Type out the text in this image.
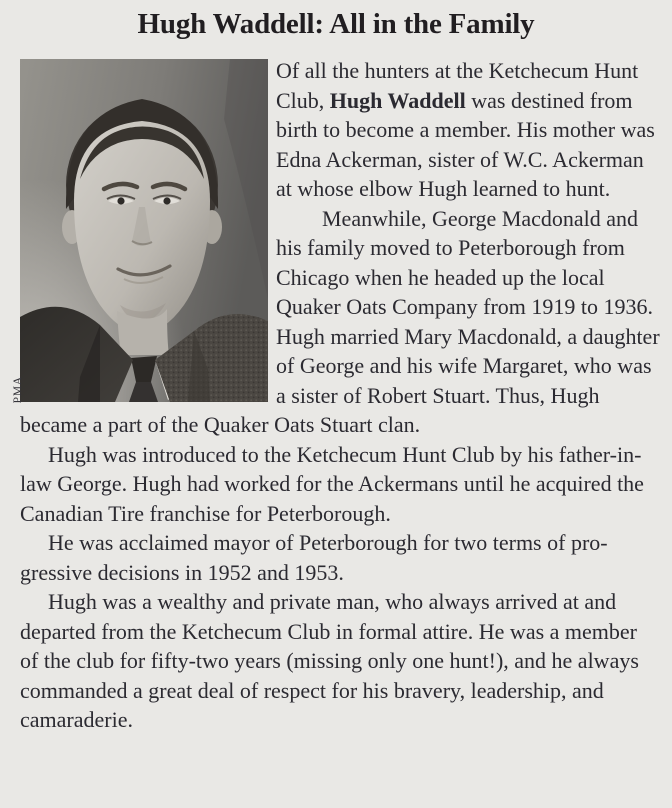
Hugh Waddell: All in the Family
PMA

Of all the hunters at the Ketchecum Hunt Club, Hugh Waddell was destined from birth to become a member. His mother was Edna Ackerman, sister of W.C. Ackerman at whose elbow Hugh learned to hunt.

Meanwhile, George Macdonald and his family moved to Peterborough from Chicago when he headed up the local Quaker Oats Company from 1919 to 1936. Hugh married Mary Macdonald, a daughter of George and his wife Margaret, who was a sister of Robert Stuart. Thus, Hugh became a part of the Quaker Oats Stuart clan.

Hugh was introduced to the Ketchecum Hunt Club by his father-in-law George. Hugh had worked for the Ackermans until he acquired the Canadian Tire franchise for Peterborough.

He was acclaimed mayor of Peterborough for two terms of progressive decisions in 1952 and 1953.

Hugh was a wealthy and private man, who always arrived at and departed from the Ketchecum Club in formal attire. He was a member of the club for fifty-two years (missing only one hunt!), and he always commanded a great deal of respect for his bravery, leadership, and camaraderie.
